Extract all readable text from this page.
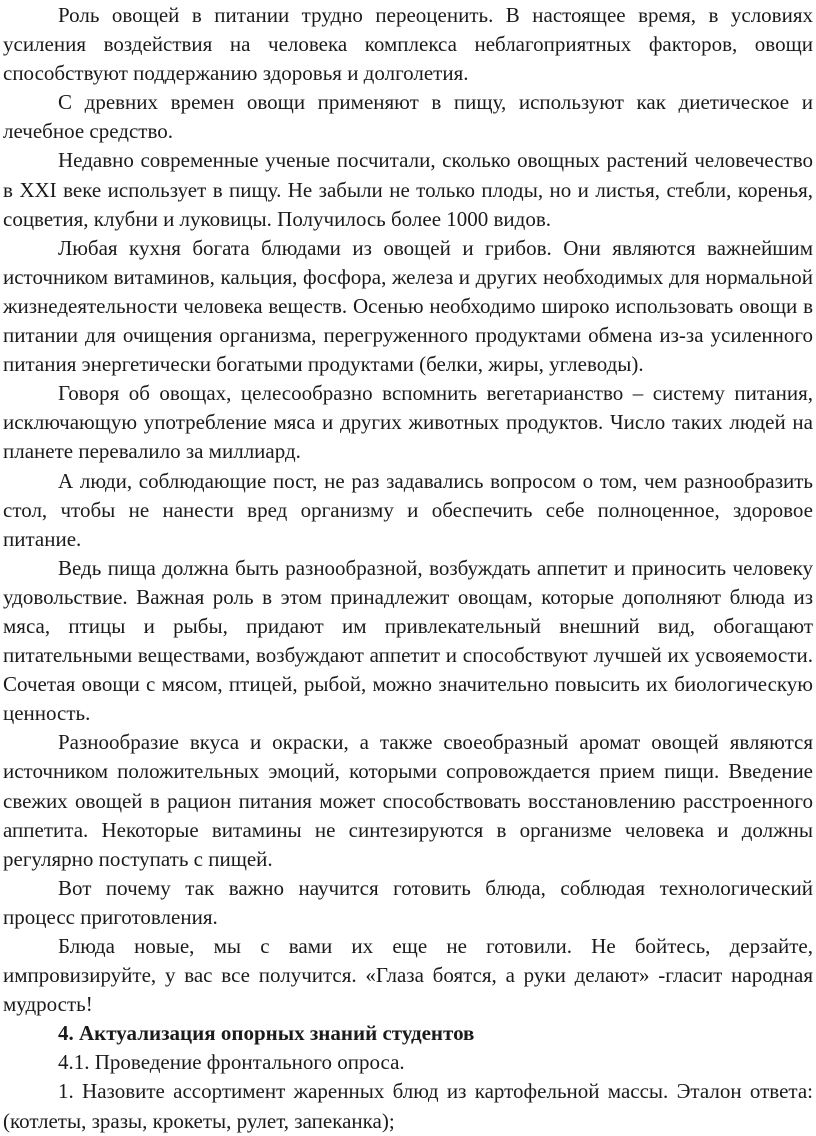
Роль овощей в питании трудно переоценить. В настоящее время, в условиях усиления воздействия на человека комплекса неблагоприятных факторов, овощи способствуют поддержанию здоровья и долголетия.

С древних времен овощи применяют в пищу, используют как диетическое и лечебное средство.

Недавно современные ученые посчитали, сколько овощных растений человечество в XXI веке использует в пищу. Не забыли не только плоды, но и листья, стебли, коренья, соцветия, клубни и луковицы. Получилось более 1000 видов.

Любая кухня богата блюдами из овощей и грибов. Они являются важнейшим источником витаминов, кальция, фосфора, железа и других необходимых для нормальной жизнедеятельности человека веществ. Осенью необходимо широко использовать овощи в питании для очищения организма, перегруженного продуктами обмена из-за усиленного питания энергетически богатыми продуктами (белки, жиры, углеводы).

Говоря об овощах, целесообразно вспомнить вегетарианство – систему питания, исключающую употребление мяса и других животных продуктов. Число таких людей на планете перевалило за миллиард.

А люди, соблюдающие пост, не раз задавались вопросом о том, чем разнообразить стол, чтобы не нанести вред организму и обеспечить себе полноценное, здоровое питание.

Ведь пища должна быть разнообразной, возбуждать аппетит и приносить человеку удовольствие. Важная роль в этом принадлежит овощам, которые дополняют блюда из мяса, птицы и рыбы, придают им привлекательный внешний вид, обогащают питательными веществами, возбуждают аппетит и способствуют лучшей их усвояемости. Сочетая овощи с мясом, птицей, рыбой, можно значительно повысить их биологическую ценность.

Разнообразие вкуса и окраски, а также своеобразный аромат овощей являются источником положительных эмоций, которыми сопровождается прием пищи. Введение свежих овощей в рацион питания может способствовать восстановлению расстроенного аппетита. Некоторые витамины не синтезируются в организме человека и должны регулярно поступать с пищей.

Вот почему так важно научится готовить блюда, соблюдая технологический процесс приготовления.

Блюда новые, мы с вами их еще не готовили. Не бойтесь, дерзайте, импровизируйте, у вас все получится. «Глаза боятся, а руки делают» -гласит народная мудрость!

4. Актуализация опорных знаний студентов

4.1. Проведение фронтального опроса.

1. Назовите ассортимент жаренных блюд из картофельной массы. Эталон ответа: (котлеты, зразы, крокеты, рулет, запеканка);
